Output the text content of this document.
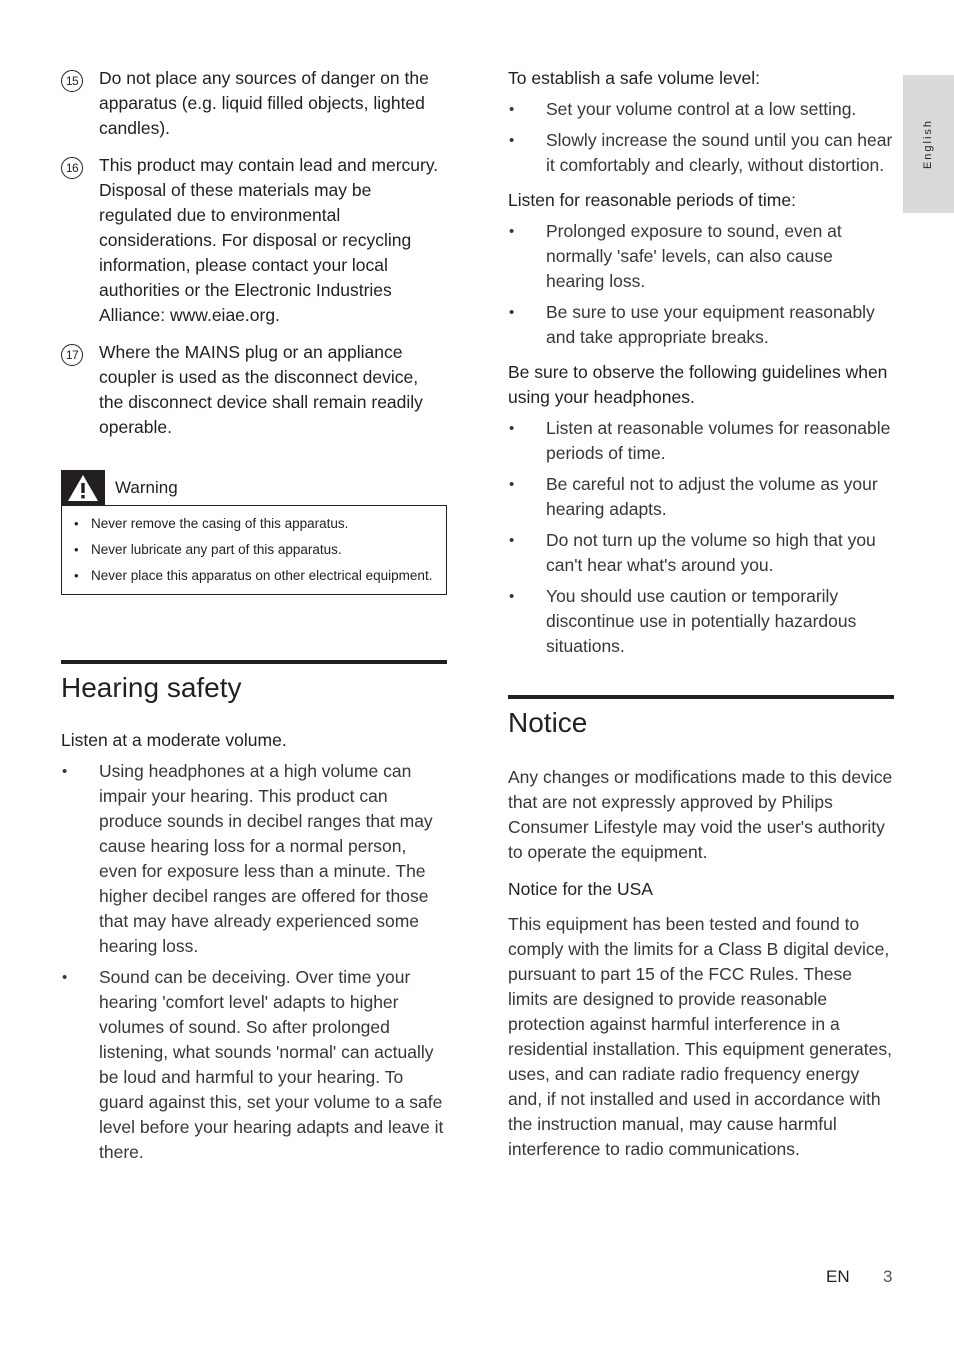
English
15 Do not place any sources of danger on the apparatus (e.g. liquid filled objects, lighted candles).
16 This product may contain lead and mercury. Disposal of these materials may be regulated due to environmental considerations. For disposal or recycling information, please contact your local authorities or the Electronic Industries Alliance: www.eiae.org.
17 Where the MAINS plug or an appliance coupler is used as the disconnect device, the disconnect device shall remain readily operable.
Warning
• Never remove the casing of this apparatus.
• Never lubricate any part of this apparatus.
• Never place this apparatus on other electrical equipment.
Hearing safety

Listen at a moderate volume.

• Using headphones at a high volume can impair your hearing. This product can produce sounds in decibel ranges that may cause hearing loss for a normal person, even for exposure less than a minute. The higher decibel ranges are offered for those that may have already experienced some hearing loss.
• Sound can be deceiving. Over time your hearing 'comfort level' adapts to higher volumes of sound. So after prolonged listening, what sounds 'normal' can actually be loud and harmful to your hearing. To guard against this, set your volume to a safe level before your hearing adapts and leave it there.

To establish a safe volume level:

• Set your volume control at a low setting.
• Slowly increase the sound until you can hear it comfortably and clearly, without distortion.

Listen for reasonable periods of time:

• Prolonged exposure to sound, even at normally 'safe' levels, can also cause hearing loss.
• Be sure to use your equipment reasonably and take appropriate breaks.

Be sure to observe the following guidelines when using your headphones.

• Listen at reasonable volumes for reasonable periods of time.
• Be careful not to adjust the volume as your hearing adapts.
• Do not turn up the volume so high that you can't hear what's around you.
• You should use caution or temporarily discontinue use in potentially hazardous situations.
Notice

Any changes or modifications made to this device that are not expressly approved by Philips Consumer Lifestyle may void the user's authority to operate the equipment.

Notice for the USA

This equipment has been tested and found to comply with the limits for a Class B digital device, pursuant to part 15 of the FCC Rules. These limits are designed to provide reasonable protection against harmful interference in a residential installation. This equipment generates, uses, and can radiate radio frequency energy and, if not installed and used in accordance with the instruction manual, may cause harmful interference to radio communications.

EN 3
